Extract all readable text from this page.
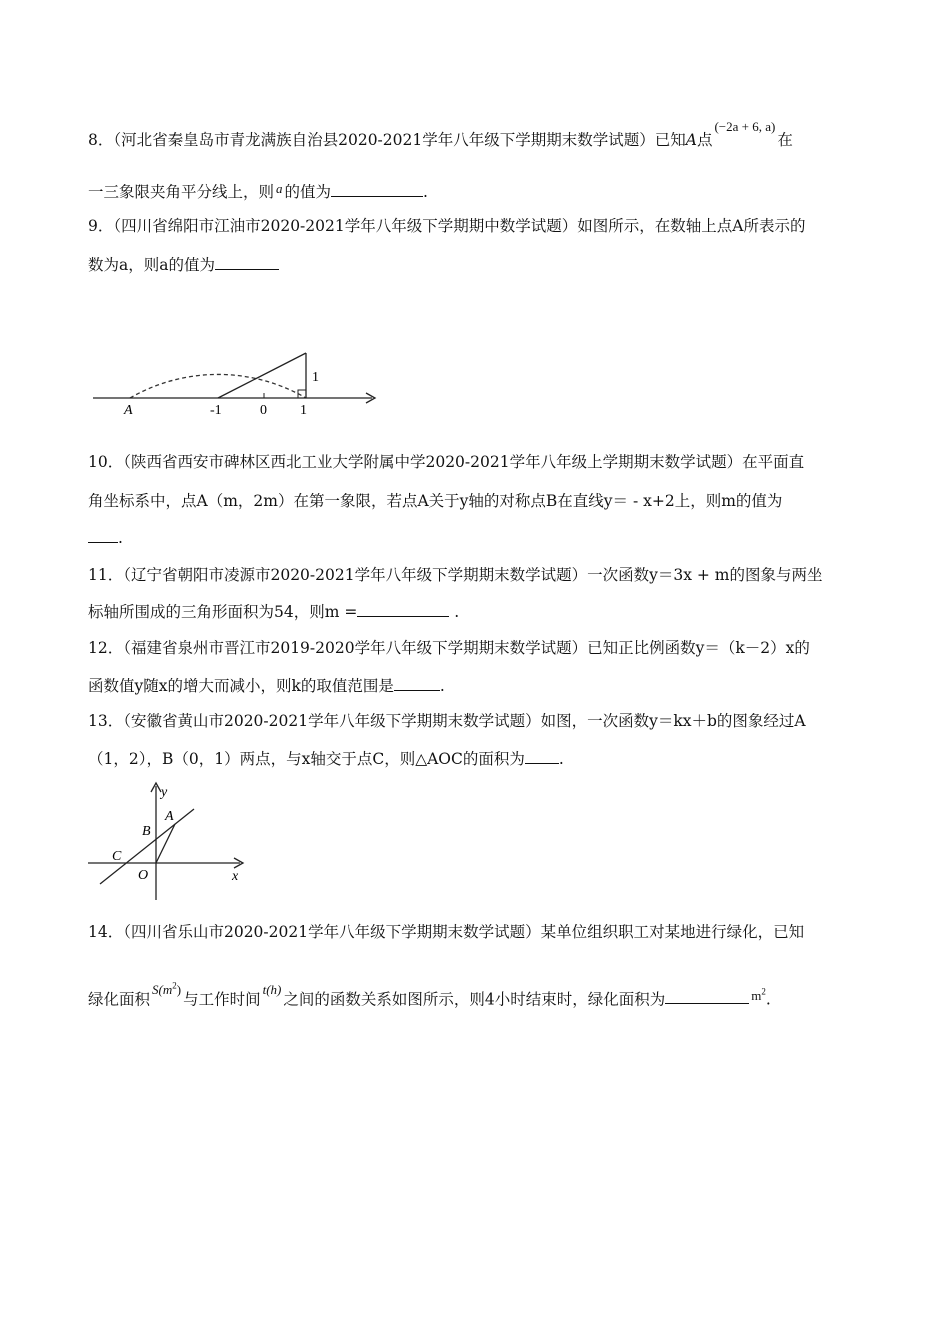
8．（河北省秦皇岛市青龙满族自治县2020-2021学年八年级下学期期末数学试题）已知A点$^{(-2a + 6, a)}$在
一三象限夹角平分线上，则 $^a$ 的值为	.
9．（四川省绵阳市江油市2020-2021学年八年级下学期期中数学试题）如图所示，在数轴上点A所表示的
数为a，则a的值为
A	-1	0 1
1
10．（陕西省西安市碑林区西北工业大学附属中学2020-2021学年八年级上学期期末数学试题）在平面直
角坐标系中，点A（m，2m）在第一象限，若点A关于y轴的对称点B在直线y＝ - x+2上，则m的值为
.
11．（辽宁省朝阳市凌源市2020-2021学年八年级下学期期末数学试题）一次函数y＝3x + m的图象与两坐
标轴所围成的三角形面积为54，则m =	.
12．（福建省泉州市晋江市2019-2020学年八年级下学期期末数学试题）已知正比例函数y＝（k－2）x的
函数值y随x的增大而减小，则k的取值范围是	.
13．（安徽省黄山市2020-2021学年八年级下学期期末数学试题）如图，一次函数y＝kx＋b的图象经过A
（1，2），B（0，1）两点，与x轴交于点C，则△AOC的面积为 .
y
x
A
B
C
O
14．（四川省乐山市2020-2021学年八年级下学期期末数学试题）某单位组织职工对某地进行绿化，已知
绿化面积$^{S(m^2)}$与工作时间$^{t(h)}$之间的函数关系如图所示，则4小时结束时，绿化面积为	$^{m^2}$.
